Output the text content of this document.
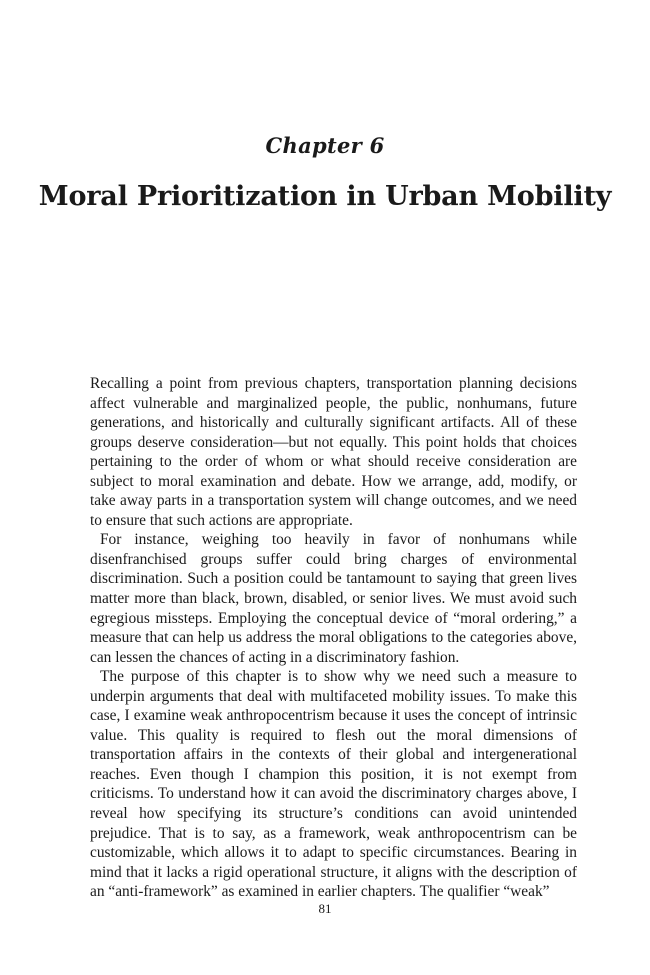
Chapter 6
Moral Prioritization in Urban Mobility

Recalling a point from previous chapters, transportation planning decisions affect vulnerable and marginalized people, the public, nonhumans, future generations, and historically and culturally significant artifacts. All of these groups deserve consideration—but not equally. This point holds that choices pertaining to the order of whom or what should receive consideration are subject to moral examination and debate. How we arrange, add, modify, or take away parts in a transportation system will change outcomes, and we need to ensure that such actions are appropriate.

For instance, weighing too heavily in favor of nonhumans while disenfranchised groups suffer could bring charges of environmental discrimination. Such a position could be tantamount to saying that green lives matter more than black, brown, disabled, or senior lives. We must avoid such egregious missteps. Employing the conceptual device of “moral ordering,” a measure that can help us address the moral obligations to the categories above, can lessen the chances of acting in a discriminatory fashion.

The purpose of this chapter is to show why we need such a measure to underpin arguments that deal with multifaceted mobility issues. To make this case, I examine weak anthropocentrism because it uses the concept of intrinsic value. This quality is required to flesh out the moral dimensions of transportation affairs in the contexts of their global and intergenerational reaches. Even though I champion this position, it is not exempt from criticisms. To understand how it can avoid the discriminatory charges above, I reveal how specifying its structure’s conditions can avoid unintended prejudice. That is to say, as a framework, weak anthropocentrism can be customizable, which allows it to adapt to specific circumstances. Bearing in mind that it lacks a rigid operational structure, it aligns with the description of an “anti-framework” as examined in earlier chapters. The qualifier “weak”

81
